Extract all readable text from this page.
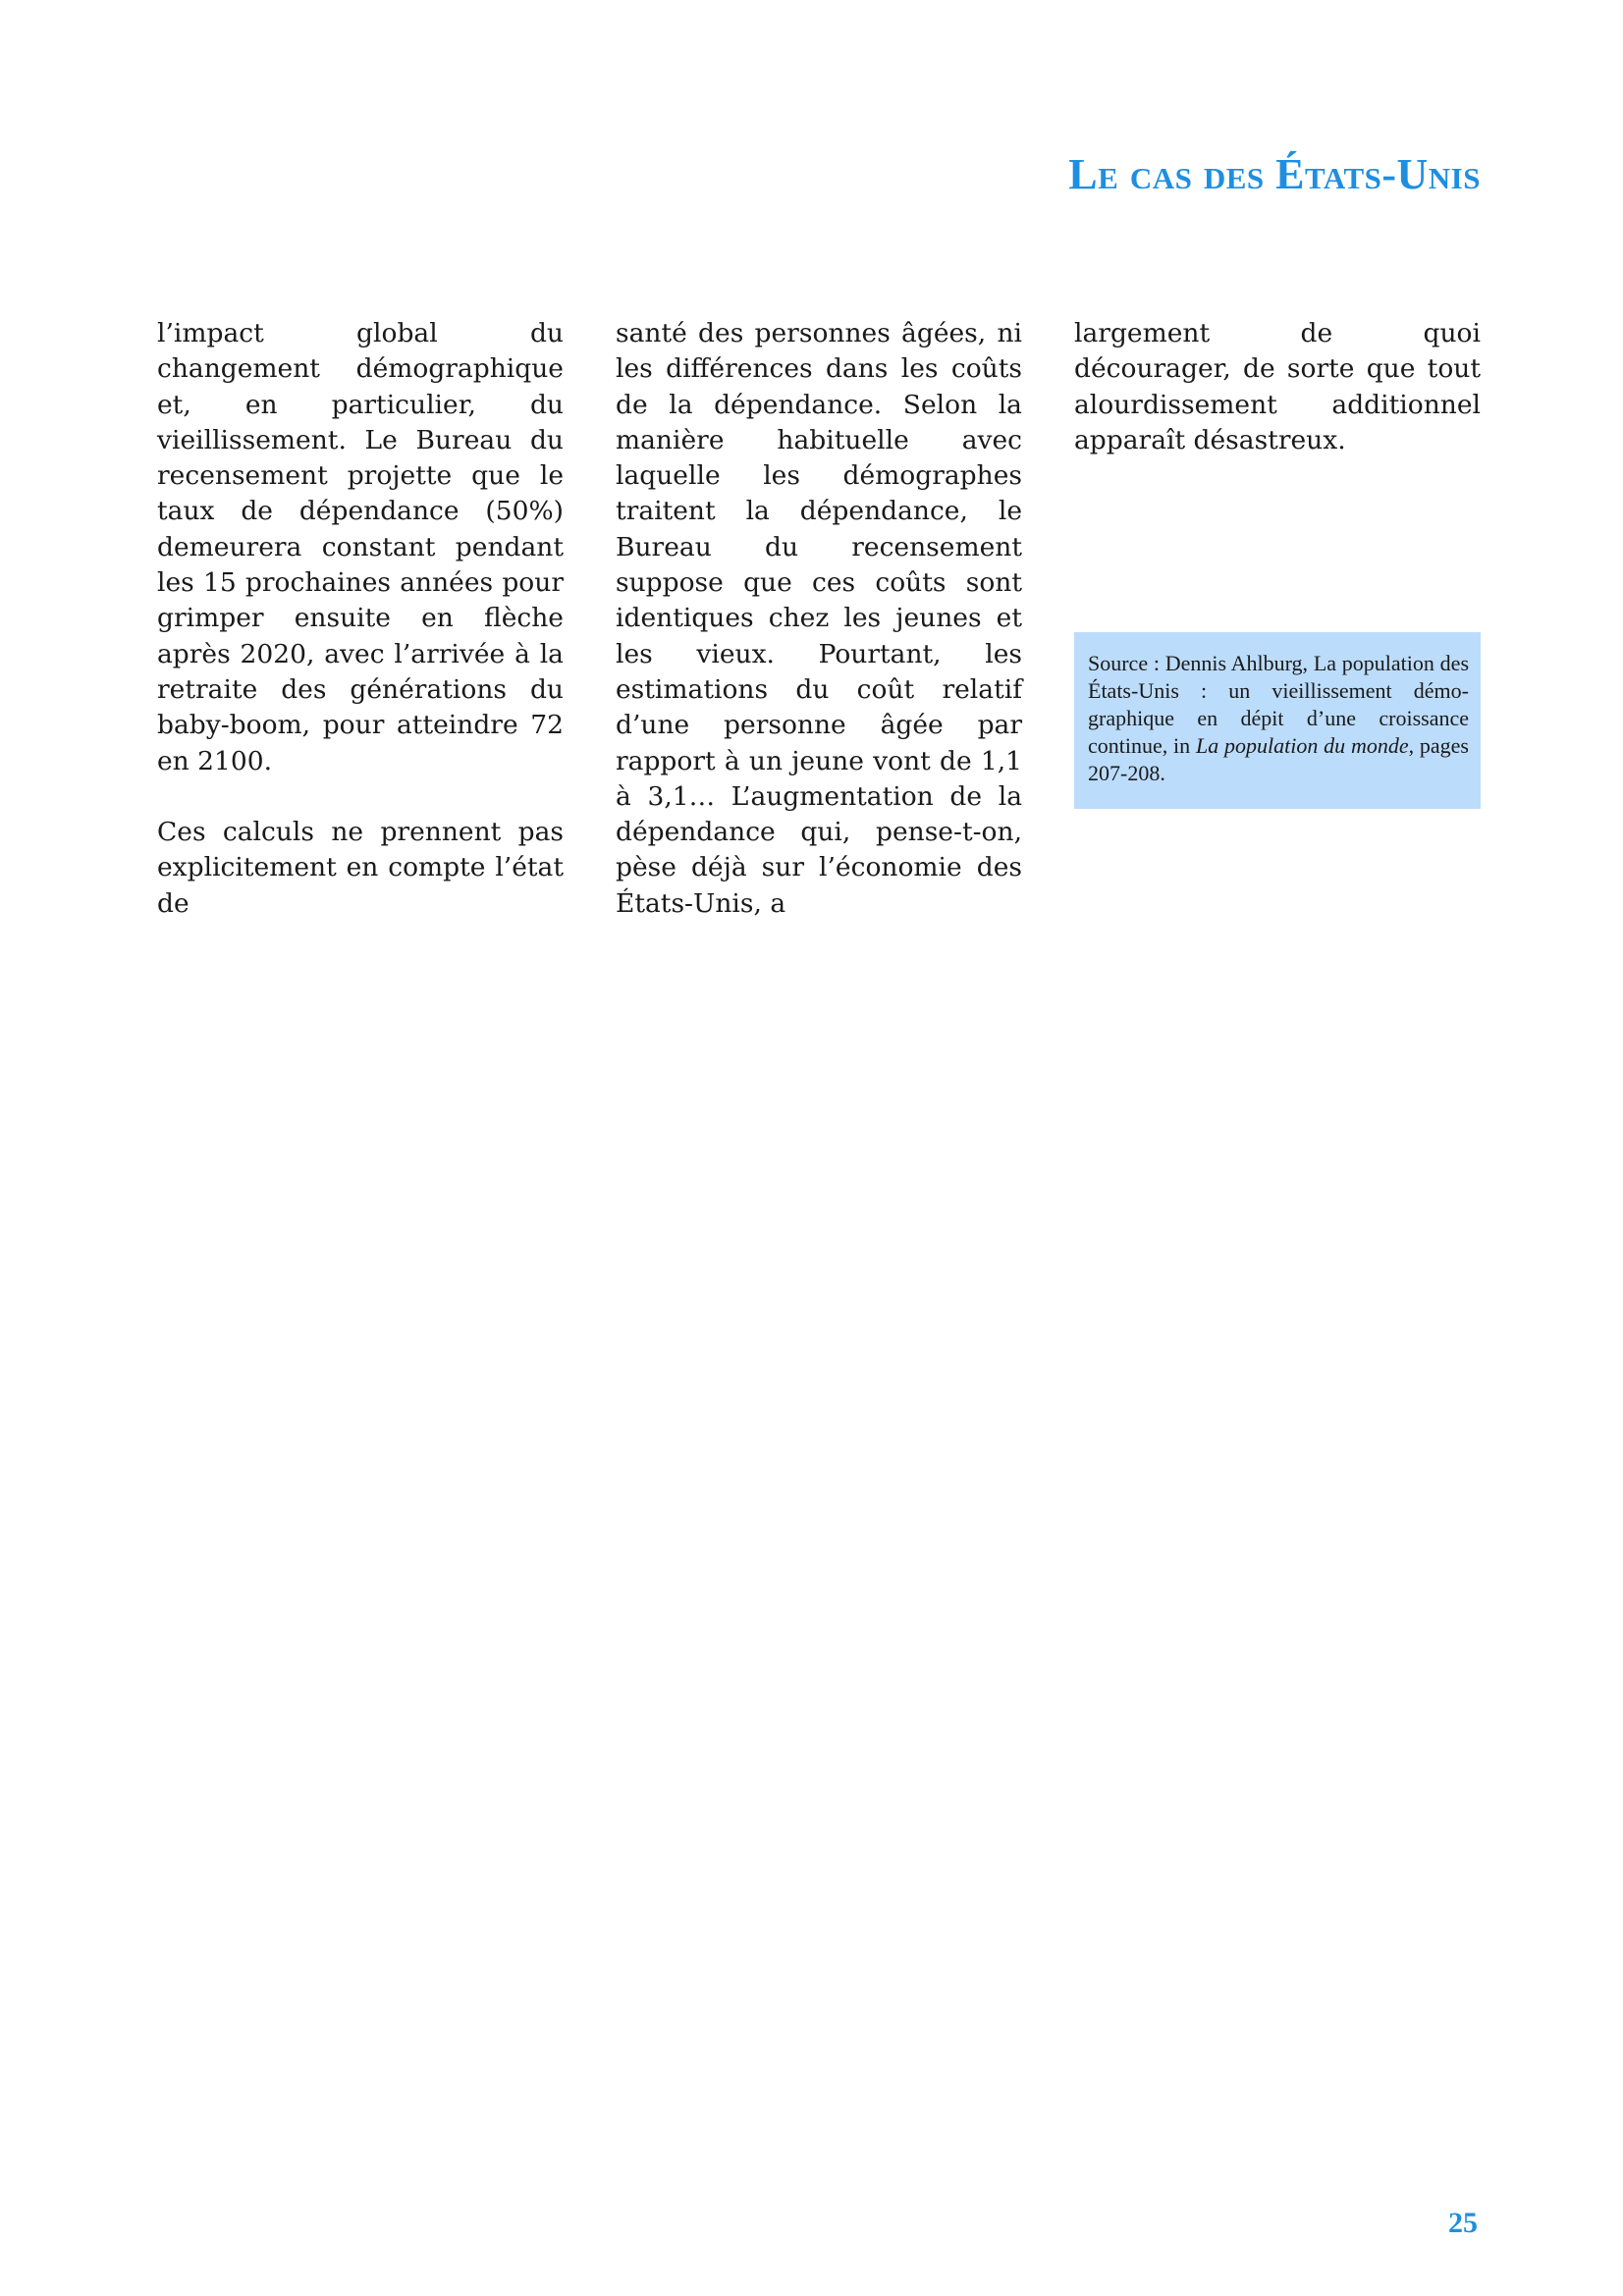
Le cas des États-Unis

l’impact global du changement démographique et, en particulier, du vieillissement. Le Bureau du recensement projette que le taux de dépendance (50%) demeurera constant pendant les 15 prochaines années pour grimper ensuite en flèche après 2020, avec l’arrivée à la retraite des générations du baby-boom, pour atteindre 72 en 2100.

Ces calculs ne prennent pas explicitement en compte l’état de

santé des personnes âgées, ni les différences dans les coûts de la dépendance. Selon la manière habituelle avec laquelle les démographes traitent la dépendance, le Bureau du recensement suppose que ces coûts sont identiques chez les jeunes et les vieux. Pourtant, les estimations du coût relatif d’une personne âgée par rapport à un jeune vont de 1,1 à 3,1… L’augmentation de la dépendance qui, pense-t-on, pèse déjà sur l’économie des États-Unis, a

largement de quoi décourager, de sorte que tout alourdissement additionnel apparaît désastreux.

Source : Dennis Ahlburg, La population des États-Unis : un vieillissement démographique en dépit d’une croissance continue, in La population du monde, pages 207-208.
25
